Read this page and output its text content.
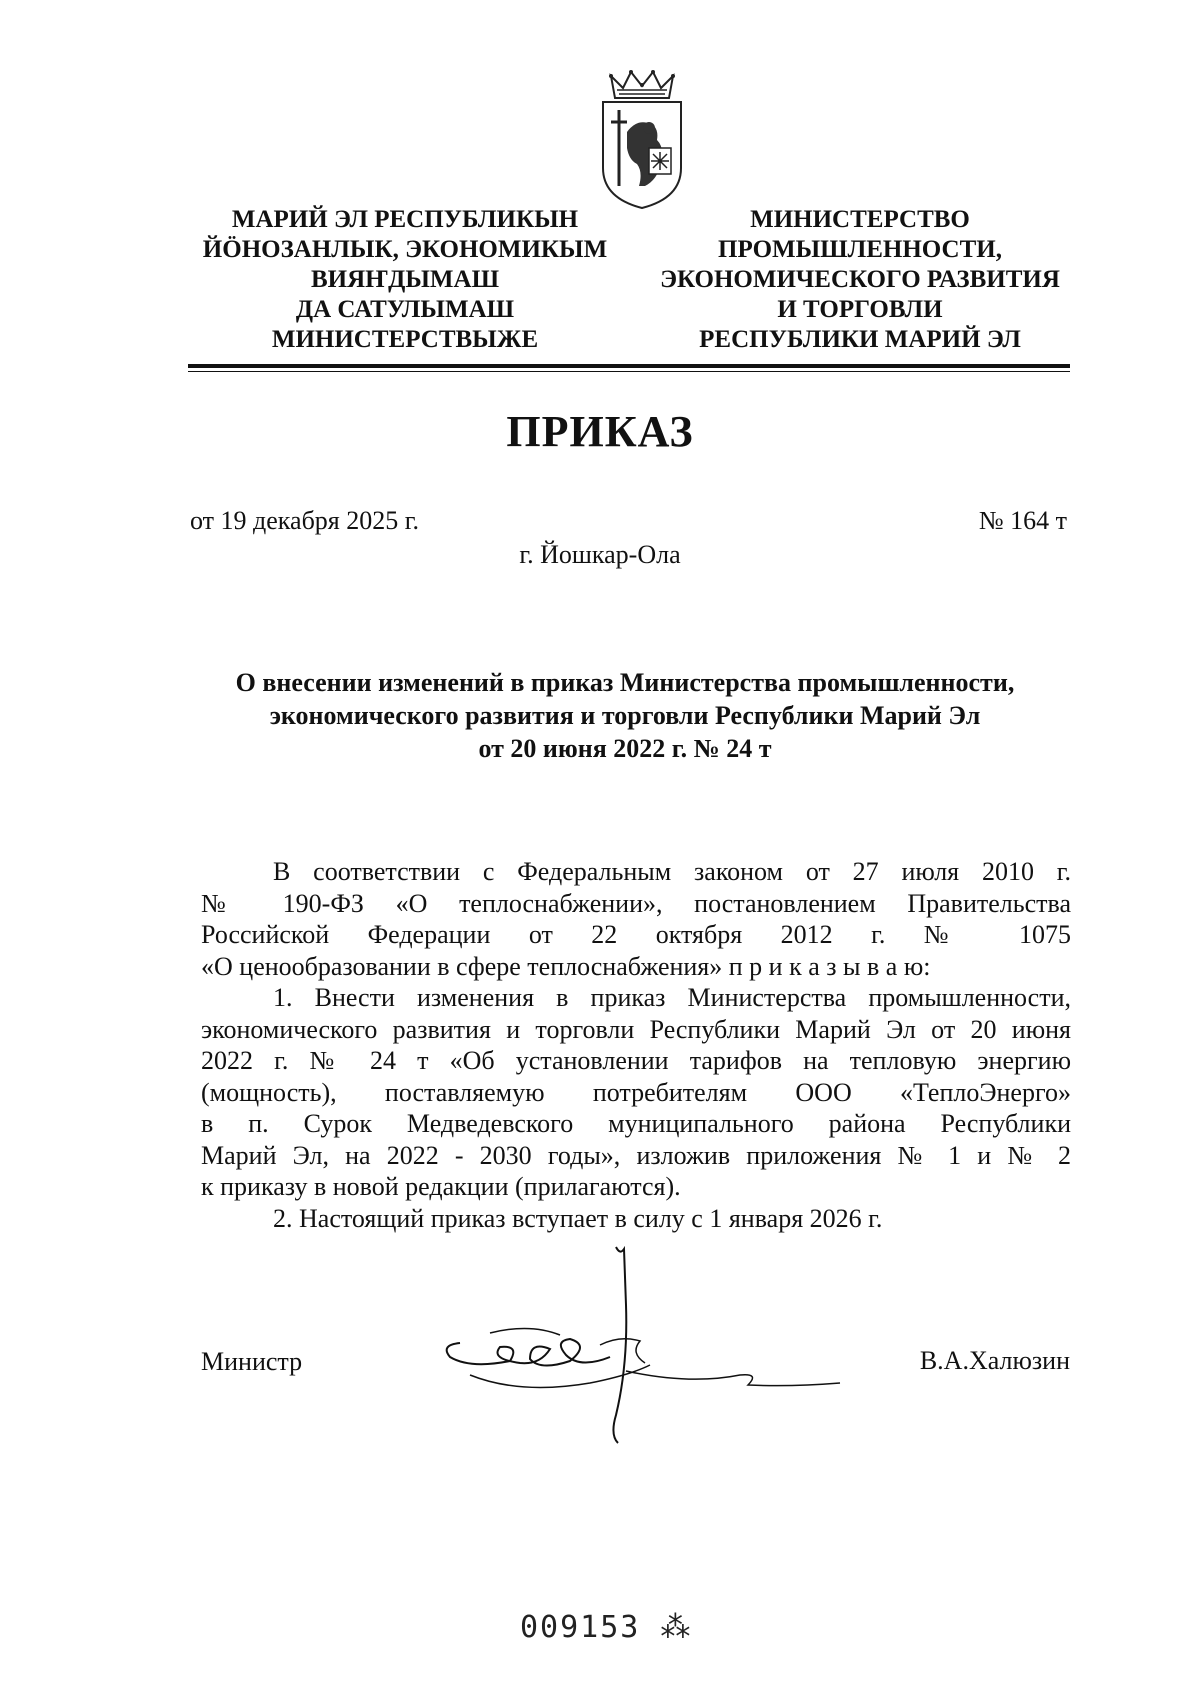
МАРИЙ ЭЛ РЕСПУБЛИКЫН
ЙӦНОЗАНЛЫК, ЭКОНОМИКЫМ
ВИЯҤДЫМАШ
ДА САТУЛЫМАШ
МИНИСТЕРСТВЫЖЕ
МИНИСТЕРСТВО
ПРОМЫШЛЕННОСТИ,
ЭКОНОМИЧЕСКОГО РАЗВИТИЯ
И ТОРГОВЛИ
РЕСПУБЛИКИ МАРИЙ ЭЛ
ПРИКАЗ
от 19 декабря 2025 г.	№ 164 т
г. Йошкар-Ола
О внесении изменений в приказ Министерства промышленности,
экономического развития и торговли Республики Марий Эл
от 20 июня 2022 г. № 24 т
В соответствии с Федеральным законом от 27 июля 2010 г.
№ 190-ФЗ «О теплоснабжении», постановлением Правительства
Российской Федерации от 22 октября 2012 г. № 1075
«О ценообразовании в сфере теплоснабжения» п р и к а з ы в а ю:
1. Внести изменения в приказ Министерства промышленности,
экономического развития и торговли Республики Марий Эл от 20 июня
2022 г. № 24 т «Об установлении тарифов на тепловую энергию
(мощность), поставляемую потребителям ООО «ТеплоЭнерго»
в п. Сурок Медведевского муниципального района Республики
Марий Эл, на 2022 - 2030 годы», изложив приложения № 1 и № 2
к приказу в новой редакции (прилагаются).
2. Настоящий приказ вступает в силу с 1 января 2026 г.
Министр	В.А.Халюзин
009153 ⁂
